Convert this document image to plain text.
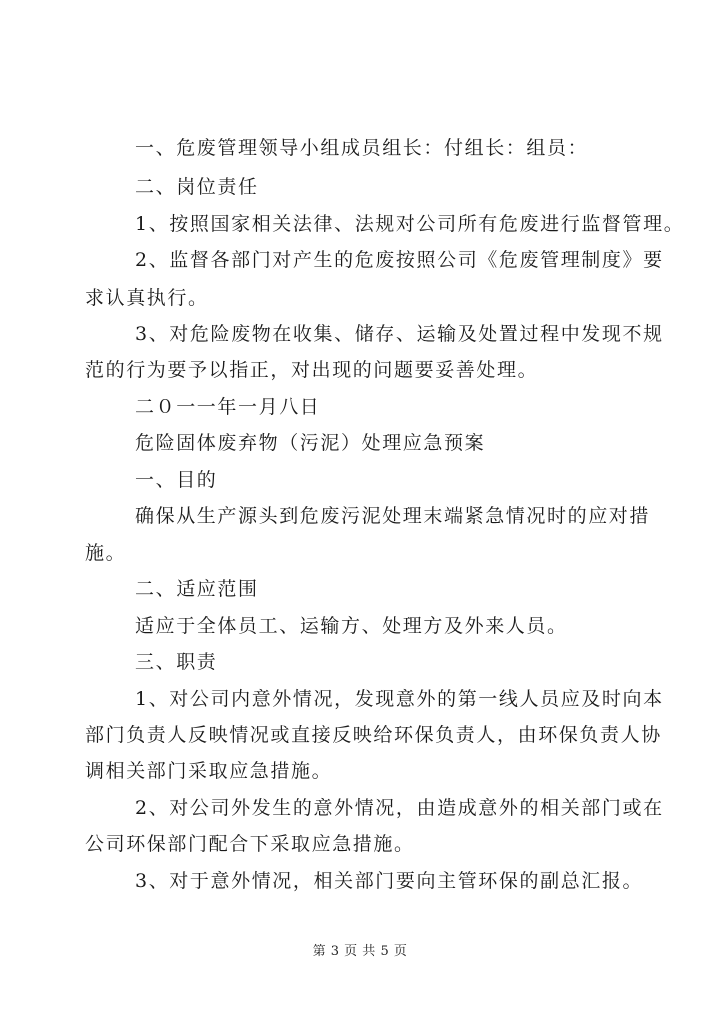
一、危废管理领导小组成员组长：付组长：组员：
二、岗位责任
1、按照国家相关法律、法规对公司所有危废进行监督管理。
2、监督各部门对产生的危废按照公司《危废管理制度》要
求认真执行。
3、对危险废物在收集、储存、运输及处置过程中发现不规
范的行为要予以指正，对出现的问题要妥善处理。
二０一一年一月八日
危险固体废弃物（污泥）处理应急预案
一、目的
确保从生产源头到危废污泥处理末端紧急情况时的应对措
施。
二、适应范围
适应于全体员工、运输方、处理方及外来人员。
三、职责
1、对公司内意外情况，发现意外的第一线人员应及时向本
部门负责人反映情况或直接反映给环保负责人，由环保负责人协
调相关部门采取应急措施。
2、对公司外发生的意外情况，由造成意外的相关部门或在
公司环保部门配合下采取应急措施。
3、对于意外情况，相关部门要向主管环保的副总汇报。
第 3 页 共 5 页
